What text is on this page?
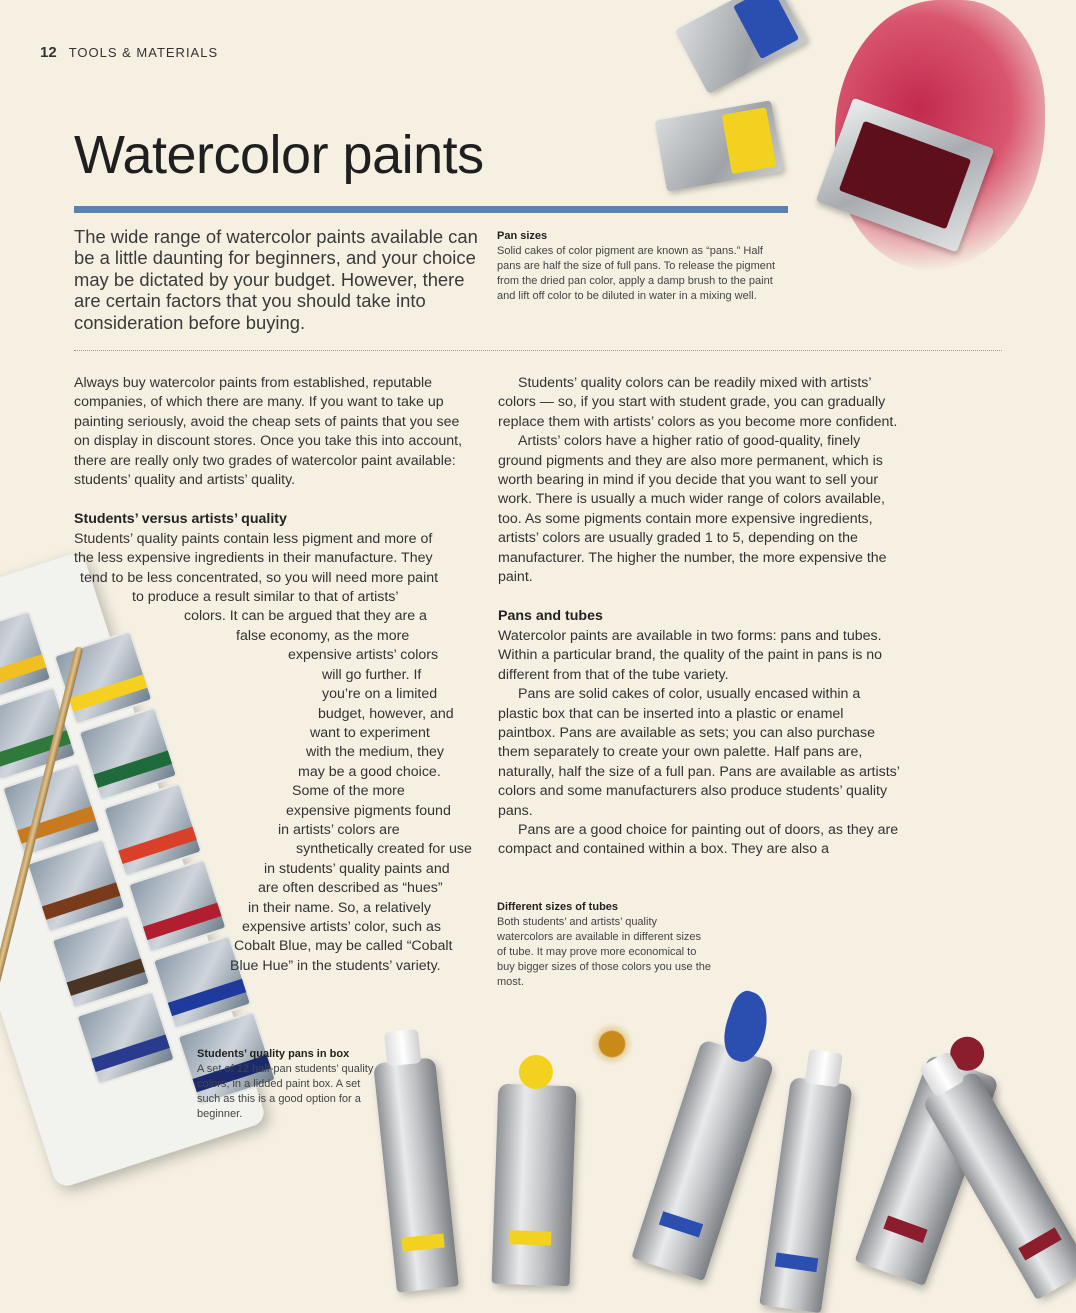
12 TOOLS & MATERIALS
Watercolor paints
The wide range of watercolor paints available can be a little daunting for beginners, and your choice may be dictated by your budget. However, there are certain factors that you should take into consideration before buying.
Pan sizes
Solid cakes of color pigment are known as “pans.” Half pans are half the size of full pans. To release the pigment from the dried pan color, apply a damp brush to the paint and lift off color to be diluted in water in a mixing well.

Always buy watercolor paints from established, reputable companies, of which there are many. If you want to take up painting seriously, avoid the cheap sets of paints that you see on display in discount stores. Once you take this into account, there are really only two grades of watercolor paint available: students’ quality and artists’ quality.

Students’ versus artists’ quality
Students’ quality paints contain less pigment and more of
the less expensive ingredients in their manufacture. They
tend to be less concentrated, so you will need more paint
to produce a result similar to that of artists’
colors. It can be argued that they are a
false economy, as the more
expensive artists’ colors
will go further. If
you’re on a limited
budget, however, and
want to experiment
with the medium, they
may be a good choice.
Some of the more
expensive pigments found
in artists’ colors are
synthetically created for use
in students’ quality paints and
are often described as “hues”
in their name. So, a relatively
expensive artists’ color, such as
Cobalt Blue, may be called “Cobalt
Blue Hue” in the students’ variety.

Students’ quality colors can be readily mixed with artists’ colors — so, if you start with student grade, you can gradually replace them with artists’ colors as you become more confident.

Artists’ colors have a higher ratio of good-quality, finely ground pigments and they are also more permanent, which is worth bearing in mind if you decide that you want to sell your work. There is usually a much wider range of colors available, too. As some pigments contain more expensive ingredients, artists’ colors are usually graded 1 to 5, depending on the manufacturer. The higher the number, the more expensive the paint.

Pans and tubes

Watercolor paints are available in two forms: pans and tubes. Within a particular brand, the quality of the paint in pans is no different from that of the tube variety.

Pans are solid cakes of color, usually encased within a plastic box that can be inserted into a plastic or enamel paintbox. Pans are available as sets; you can also purchase them separately to create your own palette. Half pans are, naturally, half the size of a full pan. Pans are available as artists’ colors and some manufacturers also produce students’ quality pans.

Pans are a good choice for painting out of doors, as they are compact and contained within a box. They are also a

Different sizes of tubes
Both students’ and artists’ quality watercolors are available in different sizes of tube. It may prove more economical to buy bigger sizes of those colors you use the most.
Students’ quality pans in box
A set of 12 half-pan students’ quality colors, in a lidded paint box. A set such as this is a good option for a beginner.
